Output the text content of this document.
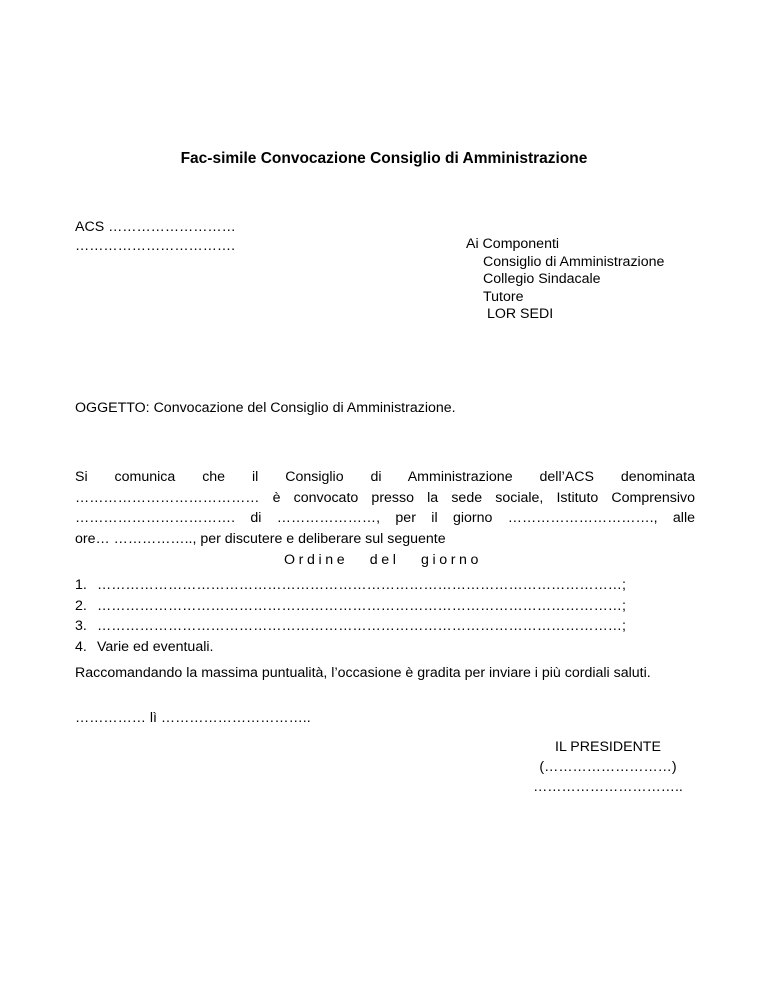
Fac-simile Convocazione Consiglio di Amministrazione
ACS ………………………
…………………………….	Ai Componenti
Consiglio di Amministrazione
Collegio Sindacale
Tutore
LOR SEDI
OGGETTO: Convocazione del Consiglio di Amministrazione.
Si comunica che il Consiglio di Amministrazione dell’ACS denominata
………………………………… è convocato presso la sede sociale, Istituto Comprensivo
……………………………. di …………………, per il giorno …………………………., alle
ore… …………….., per discutere e deliberare sul seguente
Ordine del giorno
1. …………………………………………………………………………………………………;
2. …………………………………………………………………………………………………;
3. …………………………………………………………………………………………………;
4. Varie ed eventuali.
Raccomandando la massima puntualità, l’occasione è gradita per inviare i più cordiali saluti.
…………… lì …………………………..
IL PRESIDENTE
(………………………)
…………………………..
